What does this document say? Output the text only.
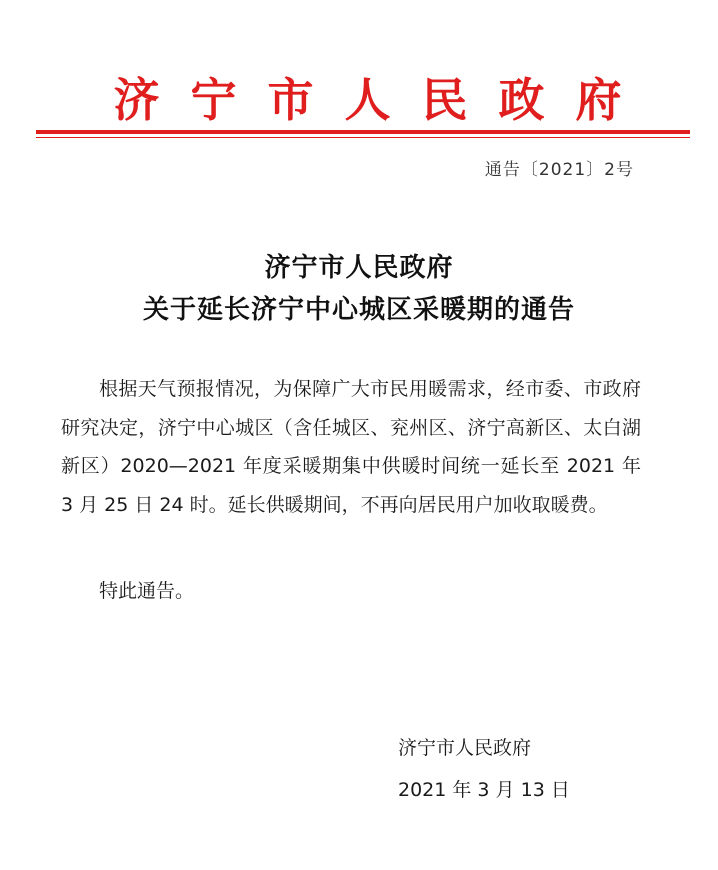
济宁市人民政府
通告〔2021〕2号
济宁市人民政府
关于延长济宁中心城区采暖期的通告

根据天气预报情况，为保障广大市民用暖需求，经市委、市政府研究决定，济宁中心城区（含任城区、兖州区、济宁高新区、太白湖新区）2020—2021 年度采暖期集中供暖时间统一延长至 2021 年 3 月 25 日 24 时。延长供暖期间，不再向居民用户加收取暖费。

特此通告。
济宁市人民政府
2021 年 3 月 13 日
